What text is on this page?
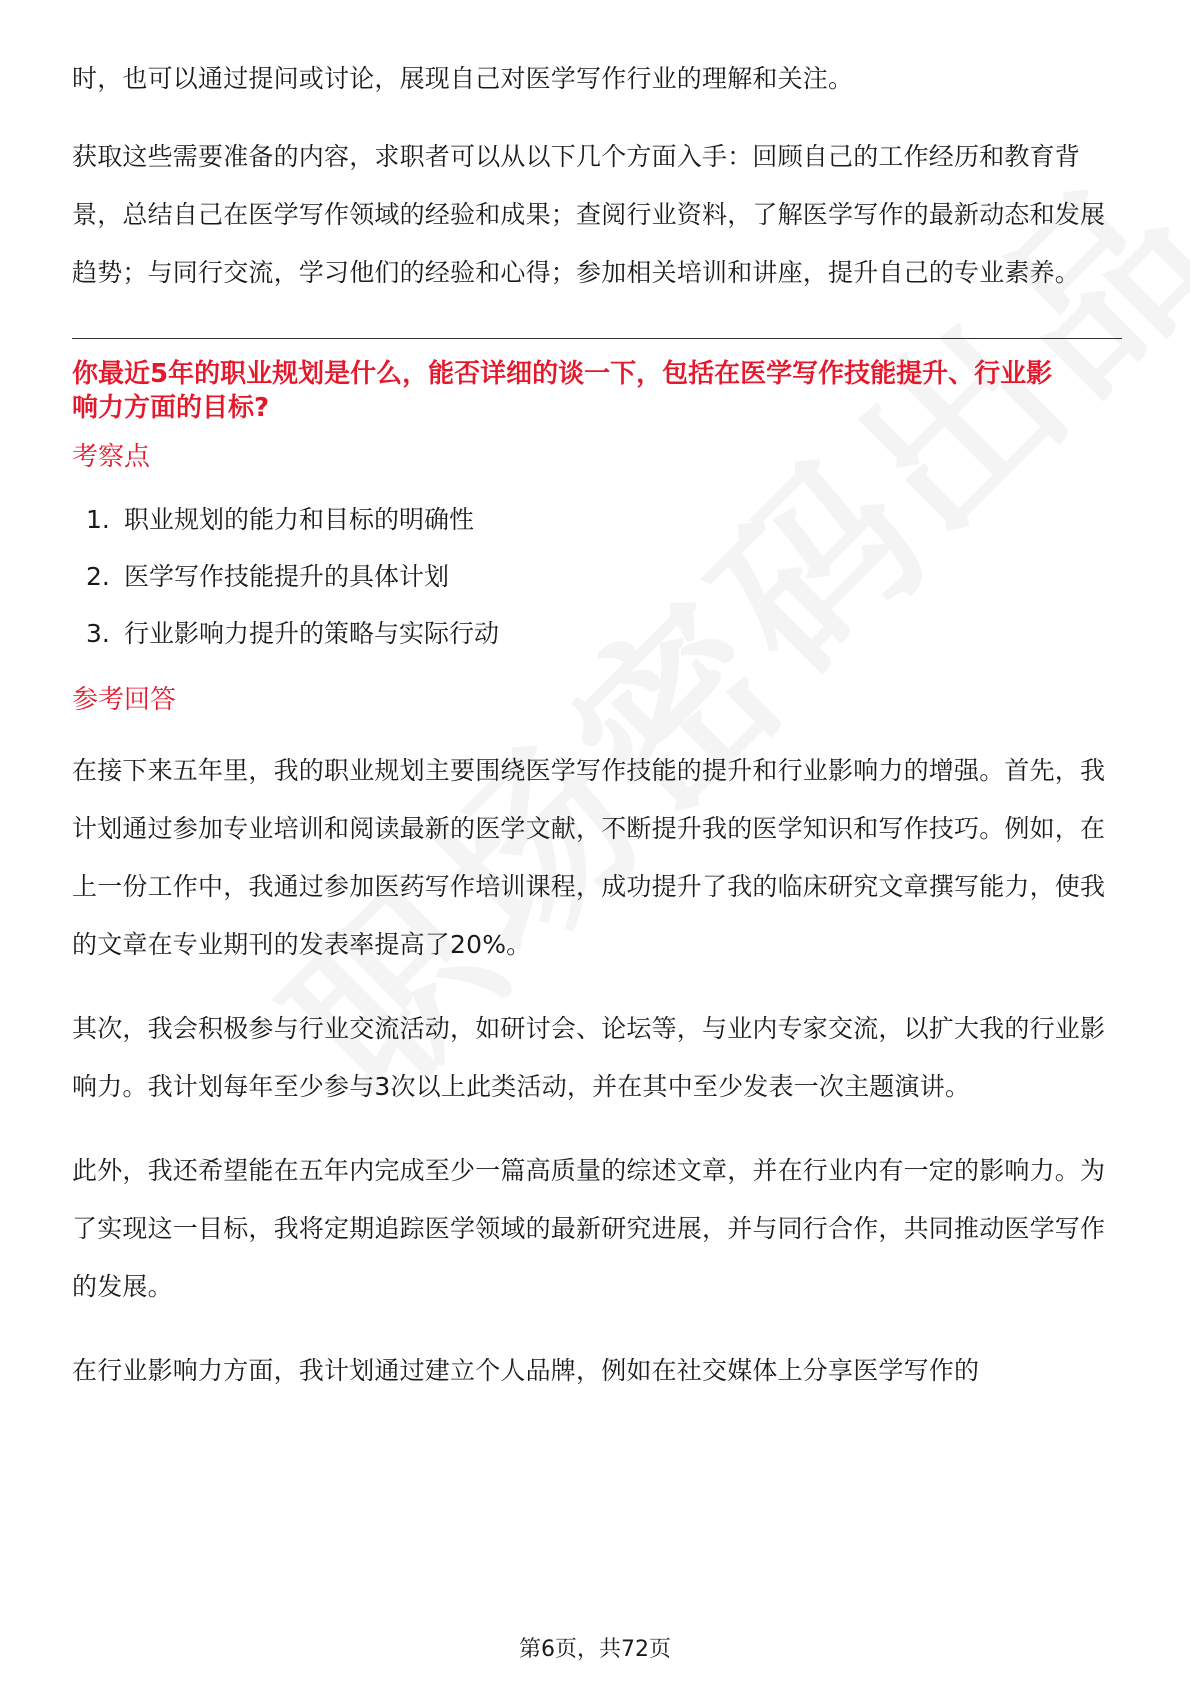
时，也可以通过提问或讨论，展现自己对医学写作行业的理解和关注。

获取这些需要准备的内容，求职者可以从以下几个方面入手：回顾自己的工作经历和教育背景，总结自己在医学写作领域的经验和成果；查阅行业资料，了解医学写作的最新动态和发展趋势；与同行交流，学习他们的经验和心得；参加相关培训和讲座，提升自己的专业素养。

你最近5年的职业规划是什么，能否详细的谈一下，包括在医学写作技能提升、行业影响力方面的目标?

考察点

1. 职业规划的能力和目标的明确性
2. 医学写作技能提升的具体计划
3. 行业影响力提升的策略与实际行动

参考回答

在接下来五年里，我的职业规划主要围绕医学写作技能的提升和行业影响力的增强。首先，我计划通过参加专业培训和阅读最新的医学文献，不断提升我的医学知识和写作技巧。例如，在上一份工作中，我通过参加医药写作培训课程，成功提升了我的临床研究文章撰写能力，使我的文章在专业期刊的发表率提高了20%。

其次，我会积极参与行业交流活动，如研讨会、论坛等，与业内专家交流，以扩大我的行业影响力。我计划每年至少参与3次以上此类活动，并在其中至少发表一次主题演讲。

此外，我还希望能在五年内完成至少一篇高质量的综述文章，并在行业内有一定的影响力。为了实现这一目标，我将定期追踪医学领域的最新研究进展，并与同行合作，共同推动医学写作的发展。

在行业影响力方面，我计划通过建立个人品牌，例如在社交媒体上分享医学写作的

第6页，共72页
